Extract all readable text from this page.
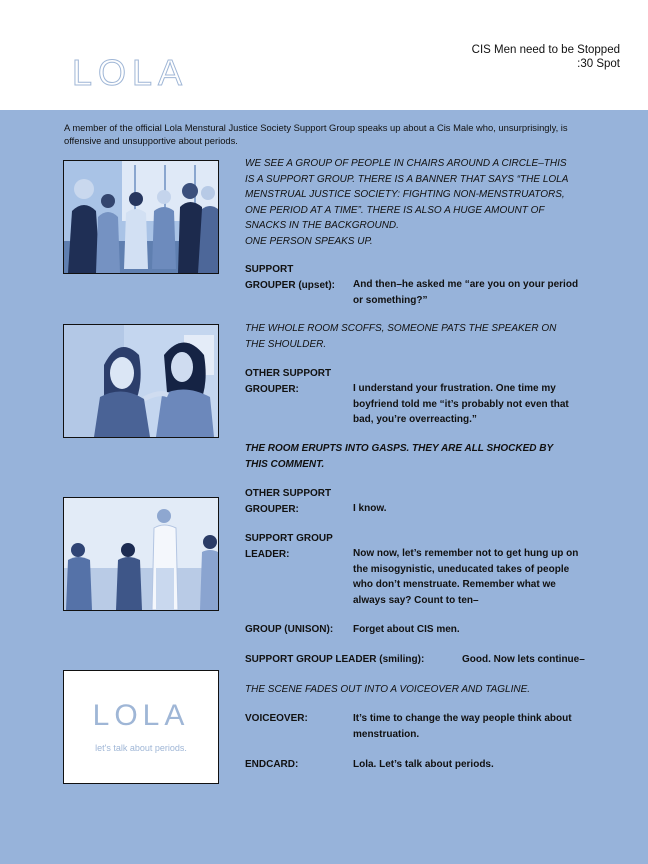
LOLA
CIS Men need to be Stopped
:30 Spot
A member of the official Lola Menstural Justice Society Support Group speaks up about a Cis Male who, unsurprisingly, is offensive and unsupportive about periods.
LOLA
let's talk about periods.
WE SEE A GROUP OF PEOPLE IN CHAIRS AROUND A CIRCLE–THIS
IS A SUPPORT GROUP. THERE IS A BANNER THAT SAYS “THE LOLA
MENSTRUAL JUSTICE SOCIETY: FIGHTING NON-MENSTRUATORS,
ONE PERIOD AT A TIME”. THERE IS ALSO A HUGE AMOUNT OF
SNACKS IN THE BACKGROUND.
ONE PERSON SPEAKS UP.
SUPPORT
GROUPER (upset):	And then–he asked me “are you on your period
or something?”
THE WHOLE ROOM SCOFFS, SOMEONE PATS THE SPEAKER ON
THE SHOULDER.
OTHER SUPPORT
GROUPER:	I understand your frustration. One time my
boyfriend told me “it’s probably not even that
bad, you’re overreacting.”
THE ROOM ERUPTS INTO GASPS. THEY ARE ALL SHOCKED BY
THIS COMMENT.
OTHER SUPPORT
GROUPER:	I know.
SUPPORT GROUP
LEADER:	Now now, let’s remember not to get hung up on
the misogynistic, uneducated takes of people
who don’t menstruate. Remember what we
always say? Count to ten–
GROUP (UNISON):	Forget about CIS men.
SUPPORT GROUP LEADER (smiling):	Good. Now lets continue–
THE SCENE FADES OUT INTO A VOICEOVER AND TAGLINE.
VOICEOVER:	It’s time to change the way people think about
menstruation.
ENDCARD:	Lola. Let’s talk about periods.
